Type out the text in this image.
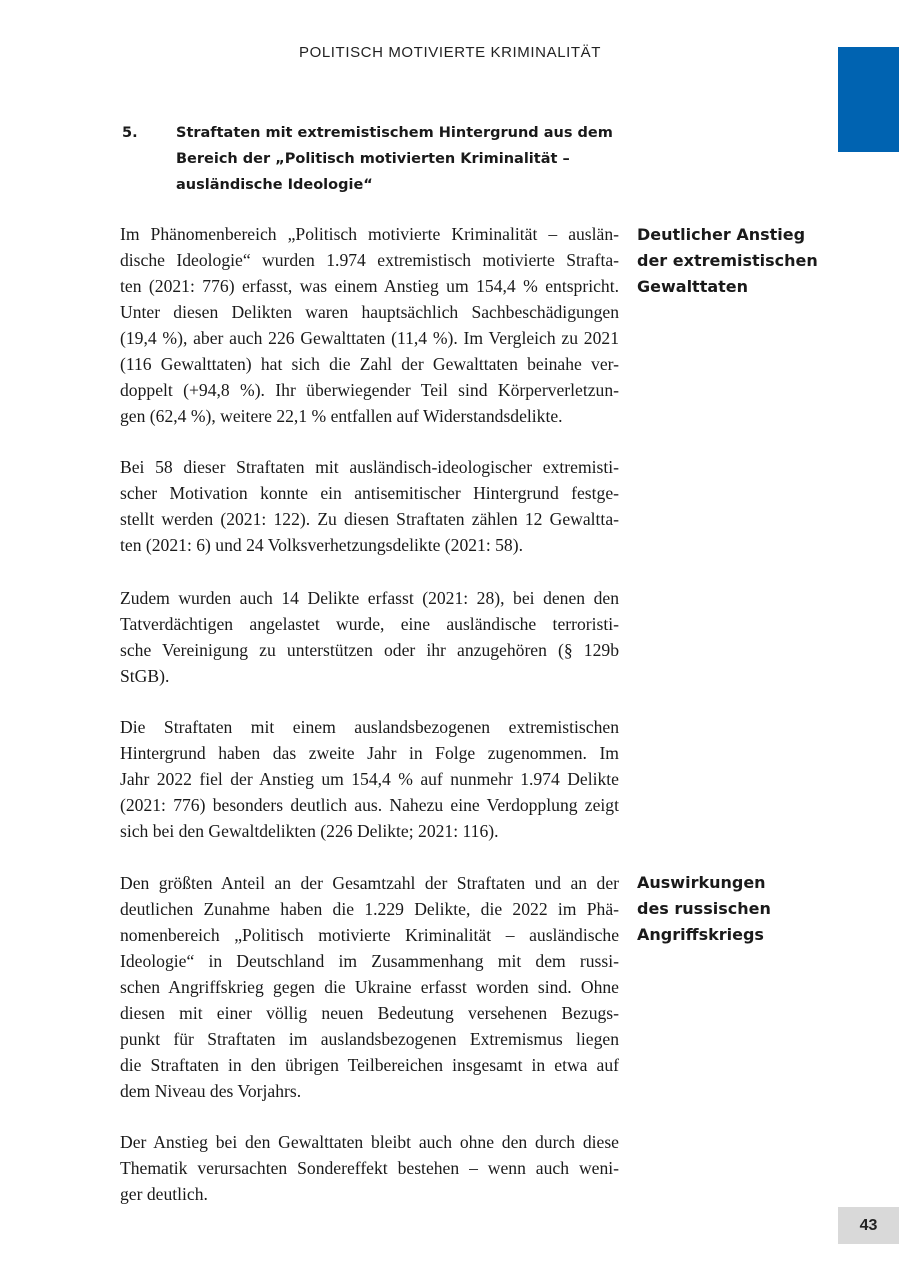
POLITISCH MOTIVIERTE KRIMINALITÄT
5.	Straftaten mit extremistischem Hintergrund aus dem
Bereich der „Politisch motivierten Kriminalität –
ausländische Ideologie“
Deutlicher Anstieg
der extremistischen
Gewalttaten
Auswirkungen
des russischen
Angriffskriegs
Im Phänomenbereich „Politisch motivierte Kriminalität – auslän-
dische Ideologie“ wurden 1.974 extremistisch motivierte Strafta-
ten (2021: 776) erfasst, was einem Anstieg um 154,4 % entspricht.
Unter diesen Delikten waren hauptsächlich Sachbeschädigungen
(19,4 %), aber auch 226 Gewalttaten (11,4 %). Im Vergleich zu 2021
(116 Gewalttaten) hat sich die Zahl der Gewalttaten beinahe ver-
doppelt (+94,8 %). Ihr überwiegender Teil sind Körperverletzun-
gen (62,4 %), weitere 22,1 % entfallen auf Widerstandsdelikte.
Bei 58 dieser Straftaten mit ausländisch-ideologischer extremisti-
scher Motivation konnte ein antisemitischer Hintergrund festge-
stellt werden (2021: 122). Zu diesen Straftaten zählen 12 Gewaltta-
ten (2021: 6) und 24 Volksverhetzungsdelikte (2021: 58).
Zudem wurden auch 14 Delikte erfasst (2021: 28), bei denen den
Tatverdächtigen angelastet wurde, eine ausländische terroristi-
sche Vereinigung zu unterstützen oder ihr anzugehören (§ 129b
StGB).
Die Straftaten mit einem auslandsbezogenen extremistischen
Hintergrund haben das zweite Jahr in Folge zugenommen. Im
Jahr 2022 fiel der Anstieg um 154,4 % auf nunmehr 1.974 Delikte
(2021: 776) besonders deutlich aus. Nahezu eine Verdopplung zeigt
sich bei den Gewaltdelikten (226 Delikte; 2021: 116).
Den größten Anteil an der Gesamtzahl der Straftaten und an der
deutlichen Zunahme haben die 1.229 Delikte, die 2022 im Phä-
nomenbereich „Politisch motivierte Kriminalität – ausländische
Ideologie“ in Deutschland im Zusammenhang mit dem russi-
schen Angriffskrieg gegen die Ukraine erfasst worden sind. Ohne
diesen mit einer völlig neuen Bedeutung versehenen Bezugs-
punkt für Straftaten im auslandsbezogenen Extremismus liegen
die Straftaten in den übrigen Teilbereichen insgesamt in etwa auf
dem Niveau des Vorjahrs.
Der Anstieg bei den Gewalttaten bleibt auch ohne den durch diese
Thematik verursachten Sondereffekt bestehen – wenn auch weni-
ger deutlich.
43
